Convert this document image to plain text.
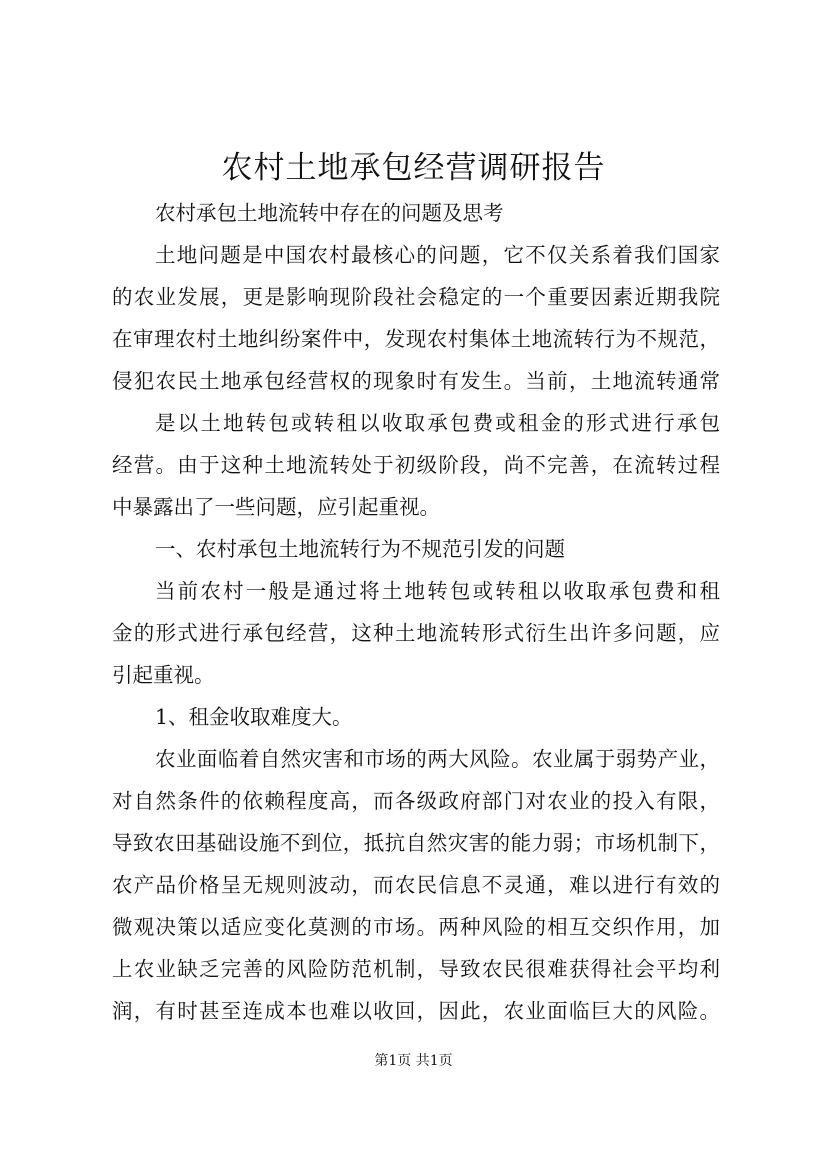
农村土地承包经营调研报告
农村承包土地流转中存在的问题及思考
土地问题是中国农村最核心的问题，它不仅关系着我们国家
的农业发展，更是影响现阶段社会稳定的一个重要因素近期我院
在审理农村土地纠纷案件中，发现农村集体土地流转行为不规范，
侵犯农民土地承包经营权的现象时有发生。当前，土地流转通常
是以土地转包或转租以收取承包费或租金的形式进行承包
经营。由于这种土地流转处于初级阶段，尚不完善，在流转过程
中暴露出了一些问题，应引起重视。
一、农村承包土地流转行为不规范引发的问题
当前农村一般是通过将土地转包或转租以收取承包费和租
金的形式进行承包经营，这种土地流转形式衍生出许多问题，应
引起重视。
1、租金收取难度大。
农业面临着自然灾害和市场的两大风险。农业属于弱势产业，
对自然条件的依赖程度高，而各级政府部门对农业的投入有限，
导致农田基础设施不到位，抵抗自然灾害的能力弱；市场机制下，
农产品价格呈无规则波动，而农民信息不灵通，难以进行有效的
微观决策以适应变化莫测的市场。两种风险的相互交织作用，加
上农业缺乏完善的风险防范机制，导致农民很难获得社会平均利
润，有时甚至连成本也难以收回，因此，农业面临巨大的风险。
第1页 共1页
